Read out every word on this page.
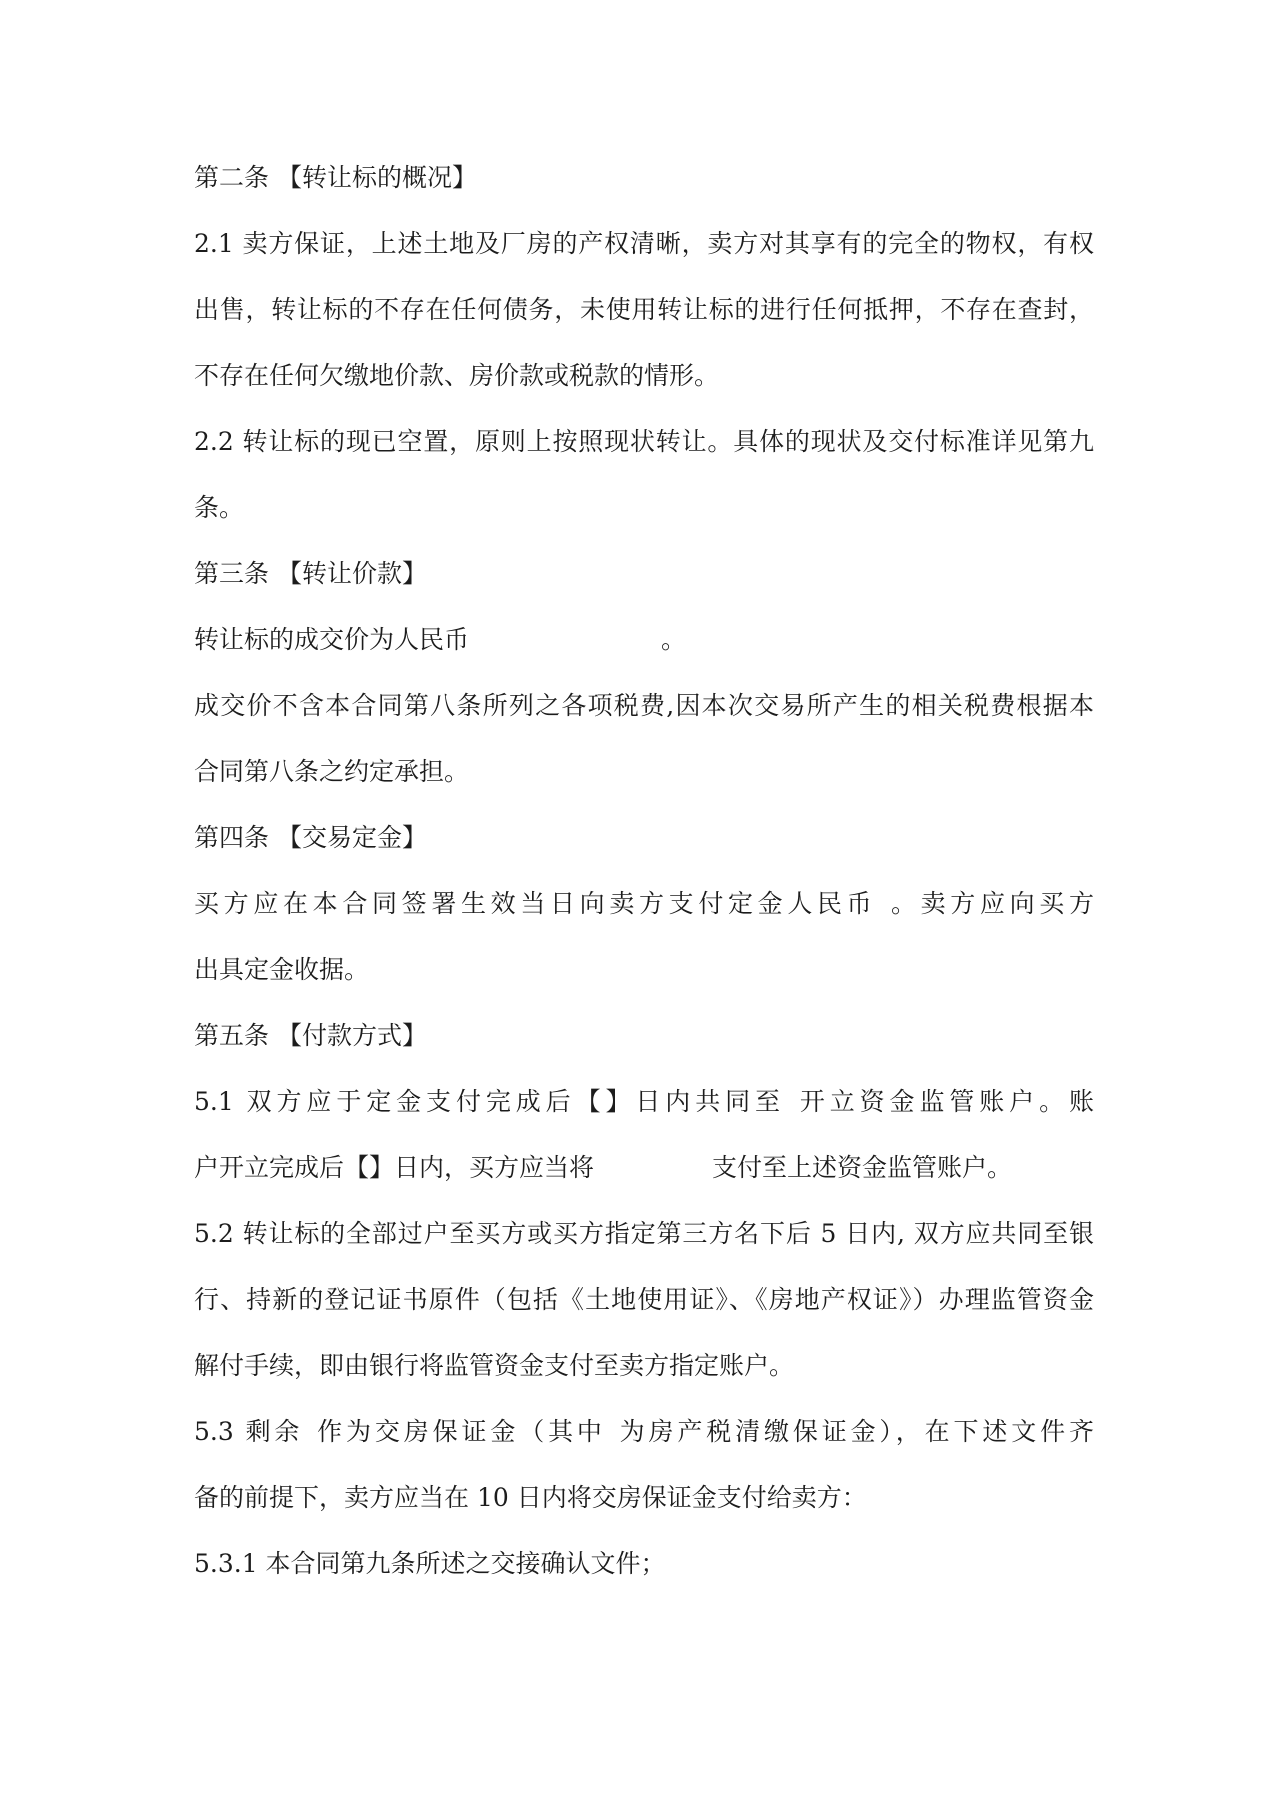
第二条 【转让标的概况】
2.1 卖方保证，上述土地及厂房的产权清晰，卖方对其享有的完全的物权，有权
出售，转让标的不存在任何债务，未使用转让标的进行任何抵押，不存在查封，
不存在任何欠缴地价款、房价款或税款的情形。
2.2 转让标的现已空置，原则上按照现状转让。具体的现状及交付标准详见第九
条。
第三条 【转让价款】
转让标的成交价为人民币	。
成交价不含本合同第八条所列之各项税费,因本次交易所产生的相关税费根据本
合同第八条之约定承担。
第四条 【交易定金】
买方应在本合同签署生效当日向卖方支付定金人民币 。卖方应向买方
出具定金收据。
第五条 【付款方式】
5.1 双方应于定金支付完成后【】日内共同至 开立资金监管账户。账
户开立完成后【】日内，买方应当将	支付至上述资金监管账户。
5.2 转让标的全部过户至买方或买方指定第三方名下后 5 日内, 双方应共同至银
行、持新的登记证书原件（包括《土地使用证》、《房地产权证》）办理监管资金
解付手续，即由银行将监管资金支付至卖方指定账户。
5.3 剩余 作为交房保证金（其中 为房产税清缴保证金），在下述文件齐
备的前提下，卖方应当在 10 日内将交房保证金支付给卖方：
5.3.1 本合同第九条所述之交接确认文件；
